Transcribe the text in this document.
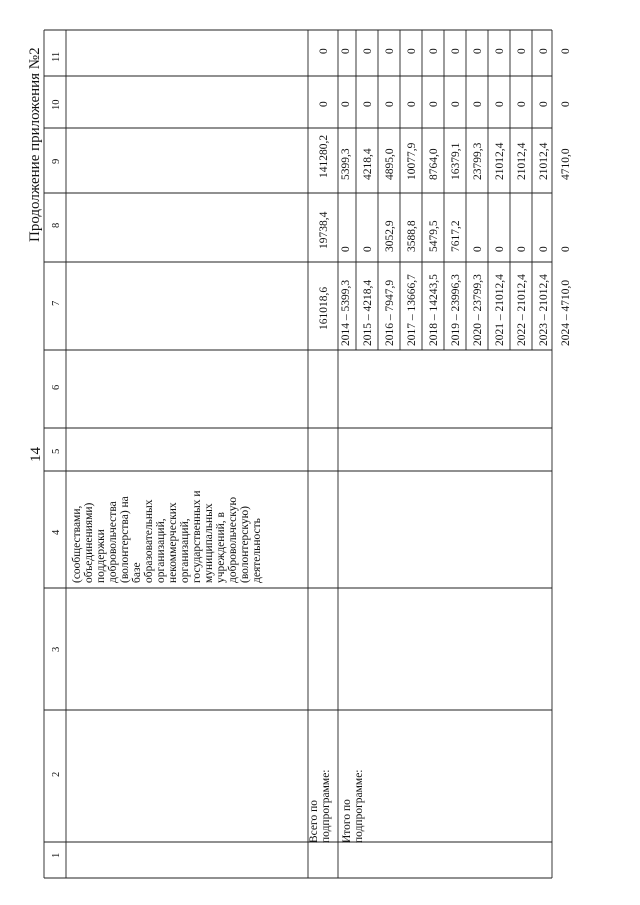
14
Продолжение приложения №2
1
2
3
4
5
6
7
8
9
10
11
(сообществами, объединениями) поддержки добровольчества (волонтерства) на базе образовательных организаций, некоммерческих организаций, государственных и муниципальных учреждений, в добровольческую (волонтерскую) деятельность
Всего по подпрограмме:
161018,6
19738,4
141280,2
0
0
Итого по подпрограмме:
2014 – 5399,3
0
5399,3
0
0
2015 – 4218,4
0
4218,4
0
0
2016 – 7947,9
3052,9
4895,0
0
0
2017 – 13666,7
3588,8
10077,9
0
0
2018 – 14243,5
5479,5
8764,0
0
0
2019 – 23996,3
7617,2
16379,1
0
0
2020 – 23799,3
0
23799,3
0
0
2021 – 21012,4
0
21012,4
0
0
2022 – 21012,4
0
21012,4
0
0
2023 – 21012,4
0
21012,4
0
0
2024 – 4710,0
0
4710,0
0
0
